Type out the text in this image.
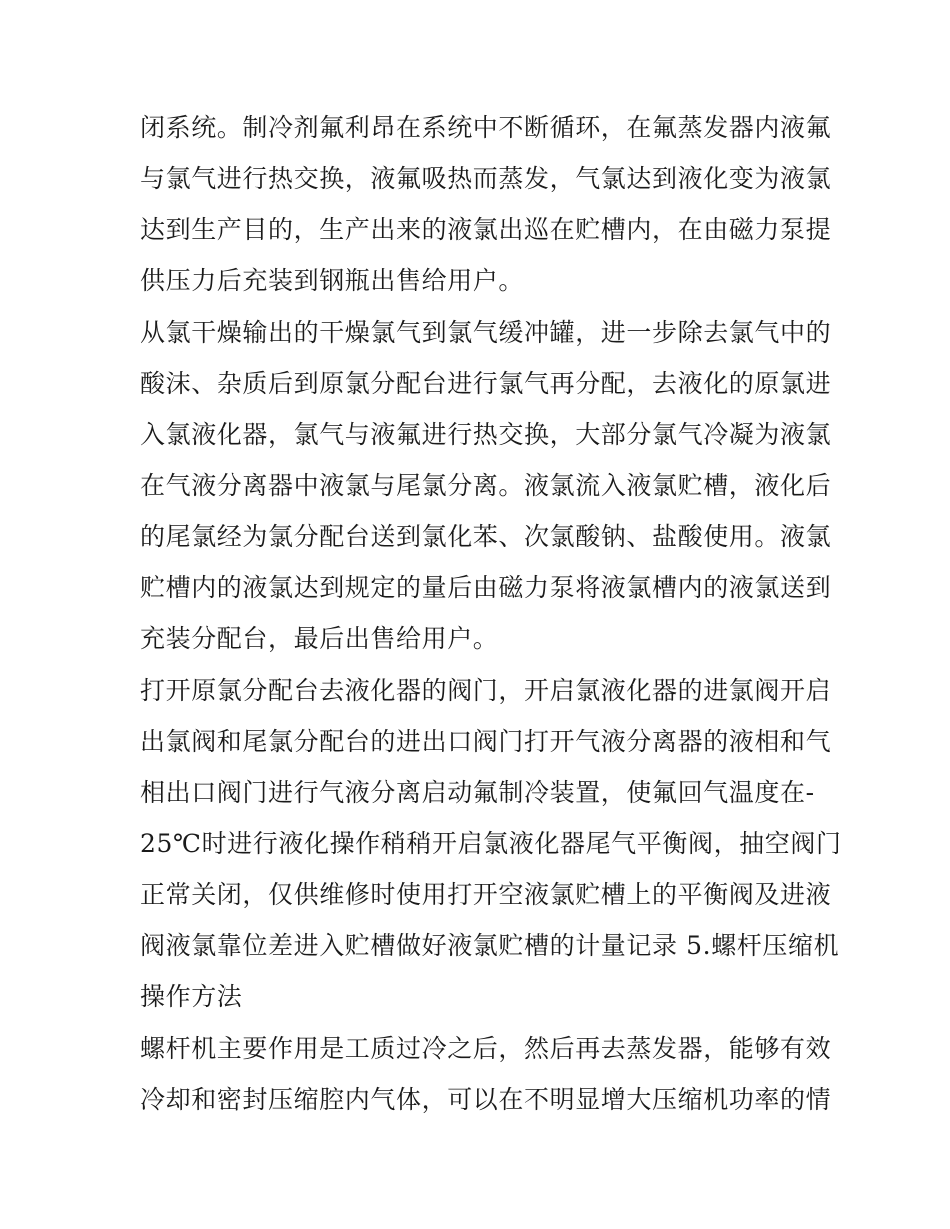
闭系统。制冷剂氟利昂在系统中不断循环，在氟蒸发器内液氟
与氯气进行热交换，液氟吸热而蒸发，气氯达到液化变为液氯
达到生产目的，生产出来的液氯出巡在贮槽内，在由磁力泵提
供压力后充装到钢瓶出售给用户。
从氯干燥输出的干燥氯气到氯气缓冲罐，进一步除去氯气中的
酸沫、杂质后到原氯分配台进行氯气再分配，去液化的原氯进
入氯液化器，氯气与液氟进行热交换，大部分氯气冷凝为液氯
在气液分离器中液氯与尾氯分离。液氯流入液氯贮槽，液化后
的尾氯经为氯分配台送到氯化苯、次氯酸钠、盐酸使用。液氯
贮槽内的液氯达到规定的量后由磁力泵将液氯槽内的液氯送到
充装分配台，最后出售给用户。
打开原氯分配台去液化器的阀门，开启氯液化器的进氯阀开启
出氯阀和尾氯分配台的进出口阀门打开气液分离器的液相和气
相出口阀门进行气液分离启动氟制冷装置，使氟回气温度在-
25℃时进行液化操作稍稍开启氯液化器尾气平衡阀，抽空阀门
正常关闭，仅供维修时使用打开空液氯贮槽上的平衡阀及进液
阀液氯靠位差进入贮槽做好液氯贮槽的计量记录 5.螺杆压缩机
操作方法
螺杆机主要作用是工质过冷之后，然后再去蒸发器，能够有效
冷却和密封压缩腔内气体，可以在不明显增大压缩机功率的情
